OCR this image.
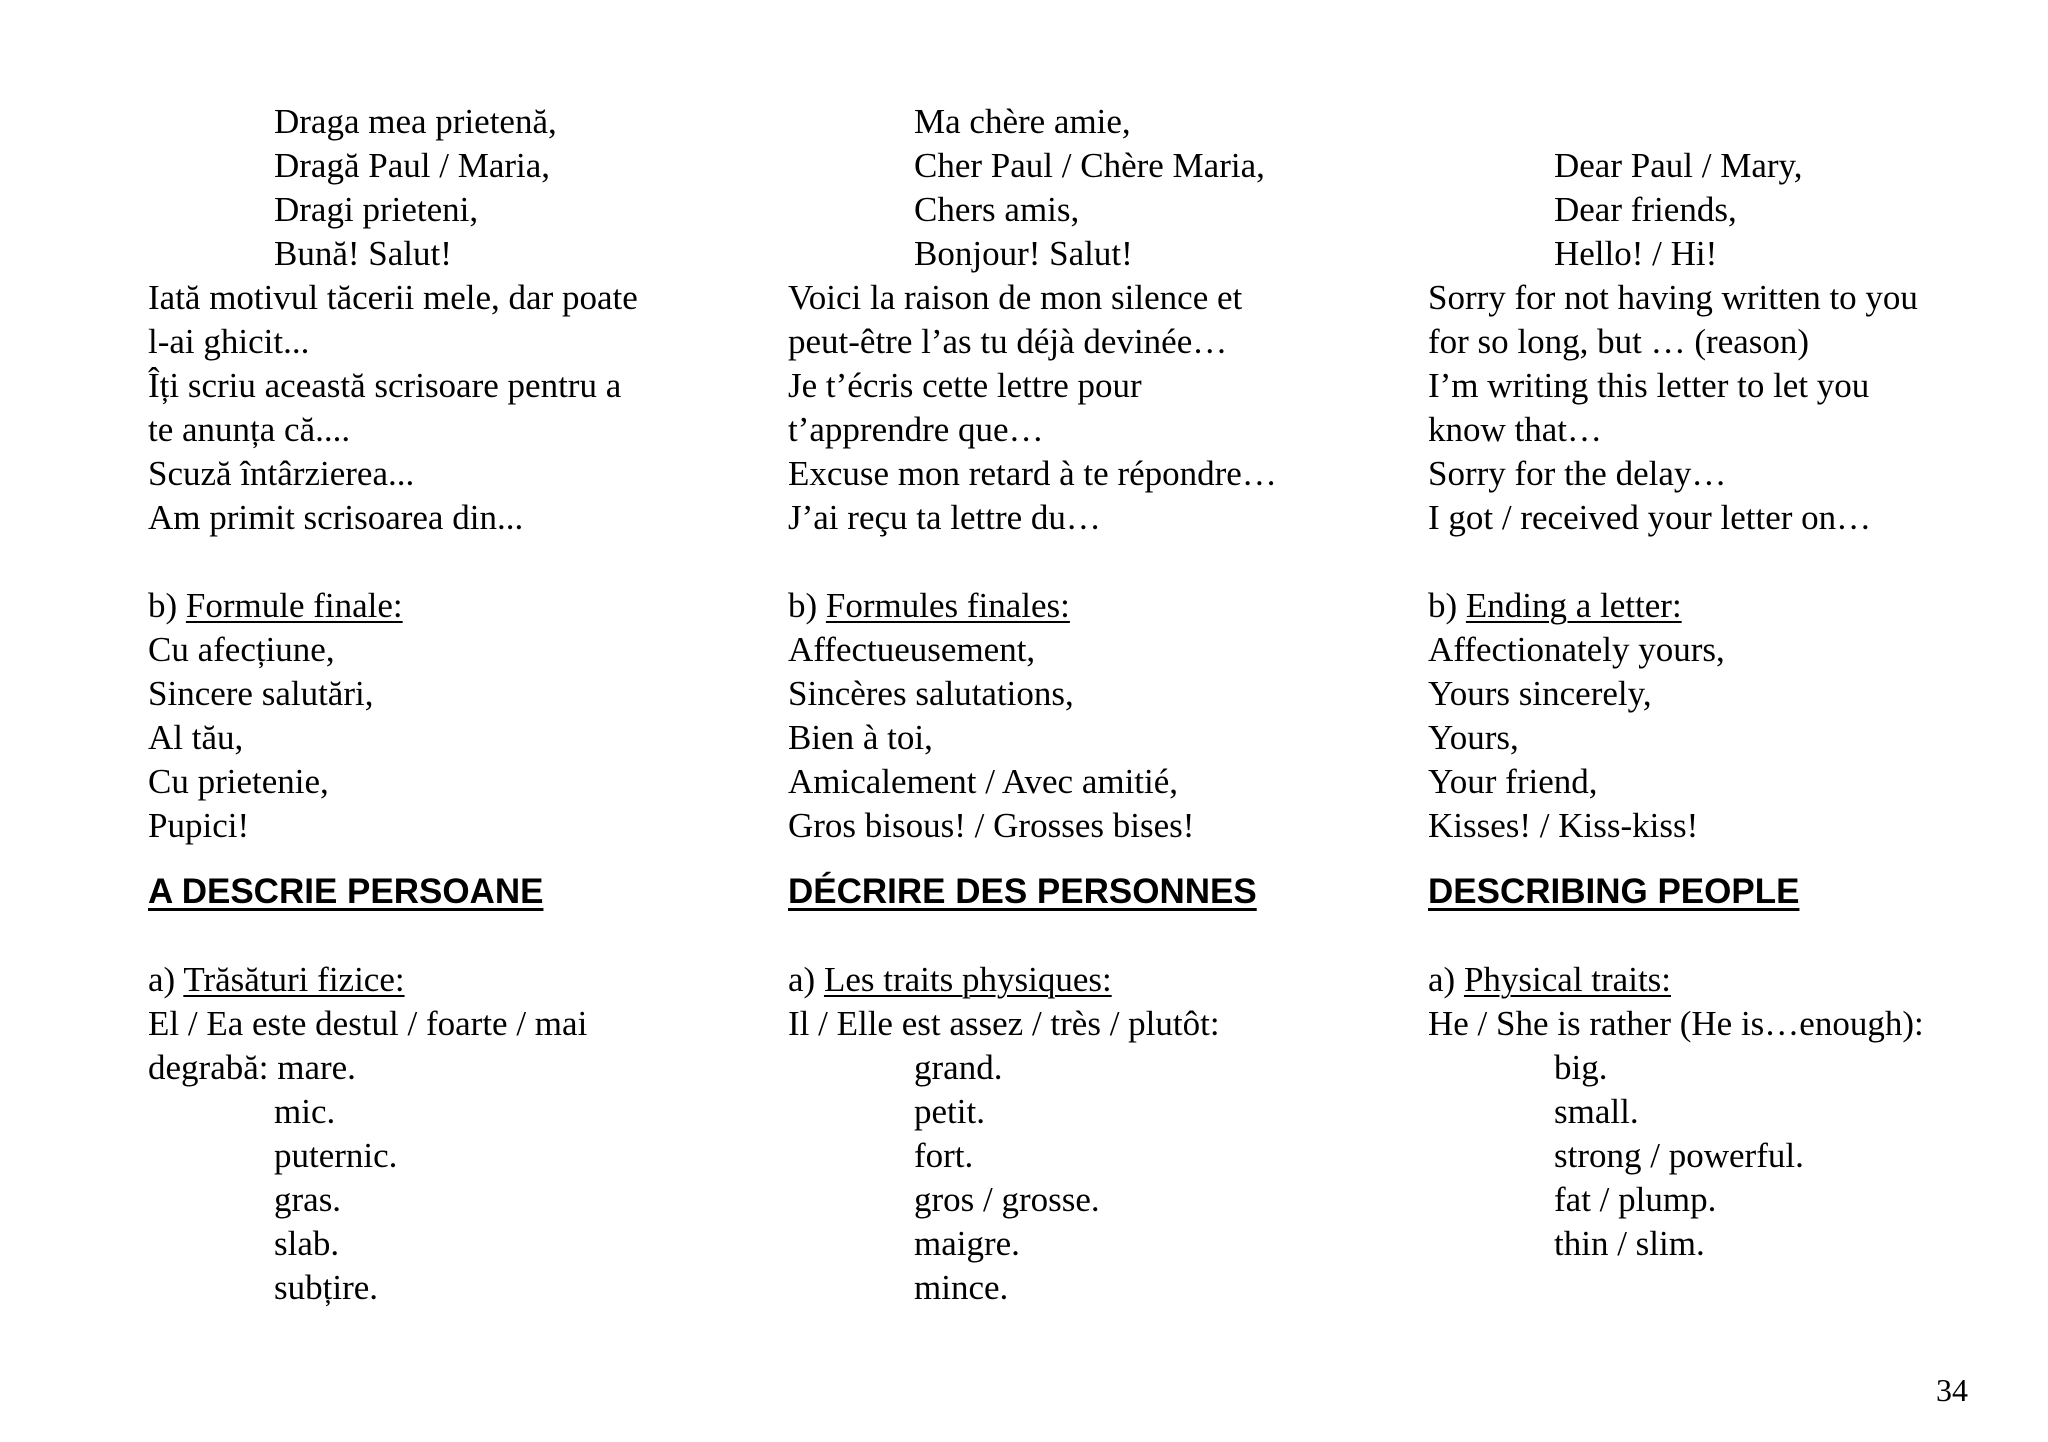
Draga mea prietenă,
Dragă Paul / Maria,
Dragi prieteni,
Bună! Salut!
Iată motivul tăcerii mele, dar poate
l-ai ghicit...
Îți scriu această scrisoare pentru a
te anunța că....
Scuză întârzierea...
Am primit scrisoarea din...
b) Formule finale:
Cu afecțiune,
Sincere salutări,
Al tău,
Cu prietenie,
Pupici!
A DESCRIE PERSOANE
a) Trăsături fizice:
El / Ea este destul / foarte / mai
degrabă: mare.
mic.
puternic.
gras.
slab.
subțire.
Ma chère amie,
Cher Paul / Chère Maria,
Chers amis,
Bonjour! Salut!
Voici la raison de mon silence et
peut-être l’as tu déjà devinée…
Je t’écris cette lettre pour
t’apprendre que…
Excuse mon retard à te répondre…
J’ai reçu ta lettre du…
b) Formules finales:
Affectueusement,
Sincères salutations,
Bien à toi,
Amicalement / Avec amitié,
Gros bisous! / Grosses bises!
DÉCRIRE DES PERSONNES
a) Les traits physiques:
Il / Elle est assez / très / plutôt:
grand.
petit.
fort.
gros / grosse.
maigre.
mince.
Dear Paul / Mary,
Dear friends,
Hello! / Hi!
Sorry for not having written to you
for so long, but … (reason)
I’m writing this letter to let you
know that…
Sorry for the delay…
I got / received your letter on…
b) Ending a letter:
Affectionately yours,
Yours sincerely,
Yours,
Your friend,
Kisses! / Kiss-kiss!
DESCRIBING PEOPLE
a) Physical traits:
He / She is rather (He is…enough):
big.
small.
strong / powerful.
fat / plump.
thin / slim.
34
